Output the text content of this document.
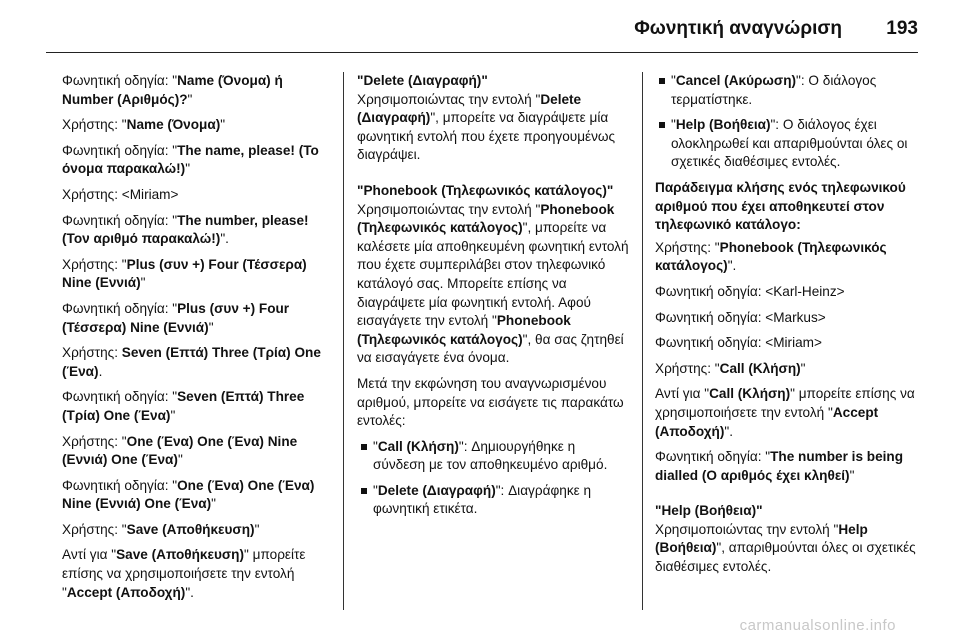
Φωνητική αναγνώριση 193

Φωνητική οδηγία: "Name (Όνομα) ή Number (Αριθμός)?"

Χρήστης: "Name (Όνομα)"

Φωνητική οδηγία: "The name, please! (Το όνομα παρακαλώ!)"

Χρήστης: <Miriam>

Φωνητική οδηγία: "The number, please! (Τον αριθμό παρακαλώ!)".

Χρήστης: "Plus (συν +) Four (Τέσσερα) Nine (Εννιά)"

Φωνητική οδηγία: "Plus (συν +) Four (Τέσσερα) Nine (Εννιά)"

Χρήστης: Seven (Επτά) Three (Τρία) One (Ένα).

Φωνητική οδηγία: "Seven (Επτά) Three (Τρία) One (Ένα)"

Χρήστης: "One (Ένα) One (Ένα) Nine (Εννιά) One (Ένα)"

Φωνητική οδηγία: "One (Ένα) One (Ένα) Nine (Εννιά) One (Ένα)"

Χρήστης: "Save (Αποθήκευση)"

Αντί για "Save (Αποθήκευση)" μπορείτε επίσης να χρησιμοποιήσετε την εντολή "Accept (Αποδοχή)".

"Delete (Διαγραφή)"

Χρησιμοποιώντας την εντολή "Delete (Διαγραφή)", μπορείτε να διαγράψετε μία φωνητική εντολή που έχετε προηγουμένως διαγράψει.

"Phonebook (Τηλεφωνικός κατάλογος)"

Χρησιμοποιώντας την εντολή "Phonebook (Τηλεφωνικός κατάλογος)", μπορείτε να καλέσετε μία αποθηκευμένη φωνητική εντολή που έχετε συμπεριλάβει στον τηλεφωνικό κατάλογό σας. Μπορείτε επίσης να διαγράψετε μία φωνητική εντολή. Αφού εισαγάγετε την εντολή "Phonebook (Τηλεφωνικός κατάλογος)", θα σας ζητηθεί να εισαγάγετε ένα όνομα.

Μετά την εκφώνηση του αναγνωρισμένου αριθμού, μπορείτε να εισάγετε τις παρακάτω εντολές:

"Call (Κλήση)": Δημιουργήθηκε η σύνδεση με τον αποθηκευμένο αριθμό.
"Delete (Διαγραφή)": Διαγράφηκε η φωνητική ετικέτα.
"Cancel (Ακύρωση)": Ο διάλογος τερματίστηκε.
"Help (Βοήθεια)": Ο διάλογος έχει ολοκληρωθεί και απαριθμούνται όλες οι σχετικές διαθέσιμες εντολές.

Παράδειγμα κλήσης ενός τηλεφωνικού αριθμού που έχει αποθηκευτεί στον τηλεφωνικό κατάλογο:

Χρήστης: "Phonebook (Τηλεφωνικός κατάλογος)".

Φωνητική οδηγία: <Karl-Heinz>

Φωνητική οδηγία: <Markus>

Φωνητική οδηγία: <Miriam>

Χρήστης: "Call (Κλήση)"

Αντί για "Call (Κλήση)" μπορείτε επίσης να χρησιμοποιήσετε την εντολή "Accept (Αποδοχή)".

Φωνητική οδηγία: "The number is being dialled (Ο αριθμός έχει κληθεί)"

"Help (Βοήθεια)"

Χρησιμοποιώντας την εντολή "Help (Βοήθεια)", απαριθμούνται όλες οι σχετικές διαθέσιμες εντολές.

carmanualsonline.info
